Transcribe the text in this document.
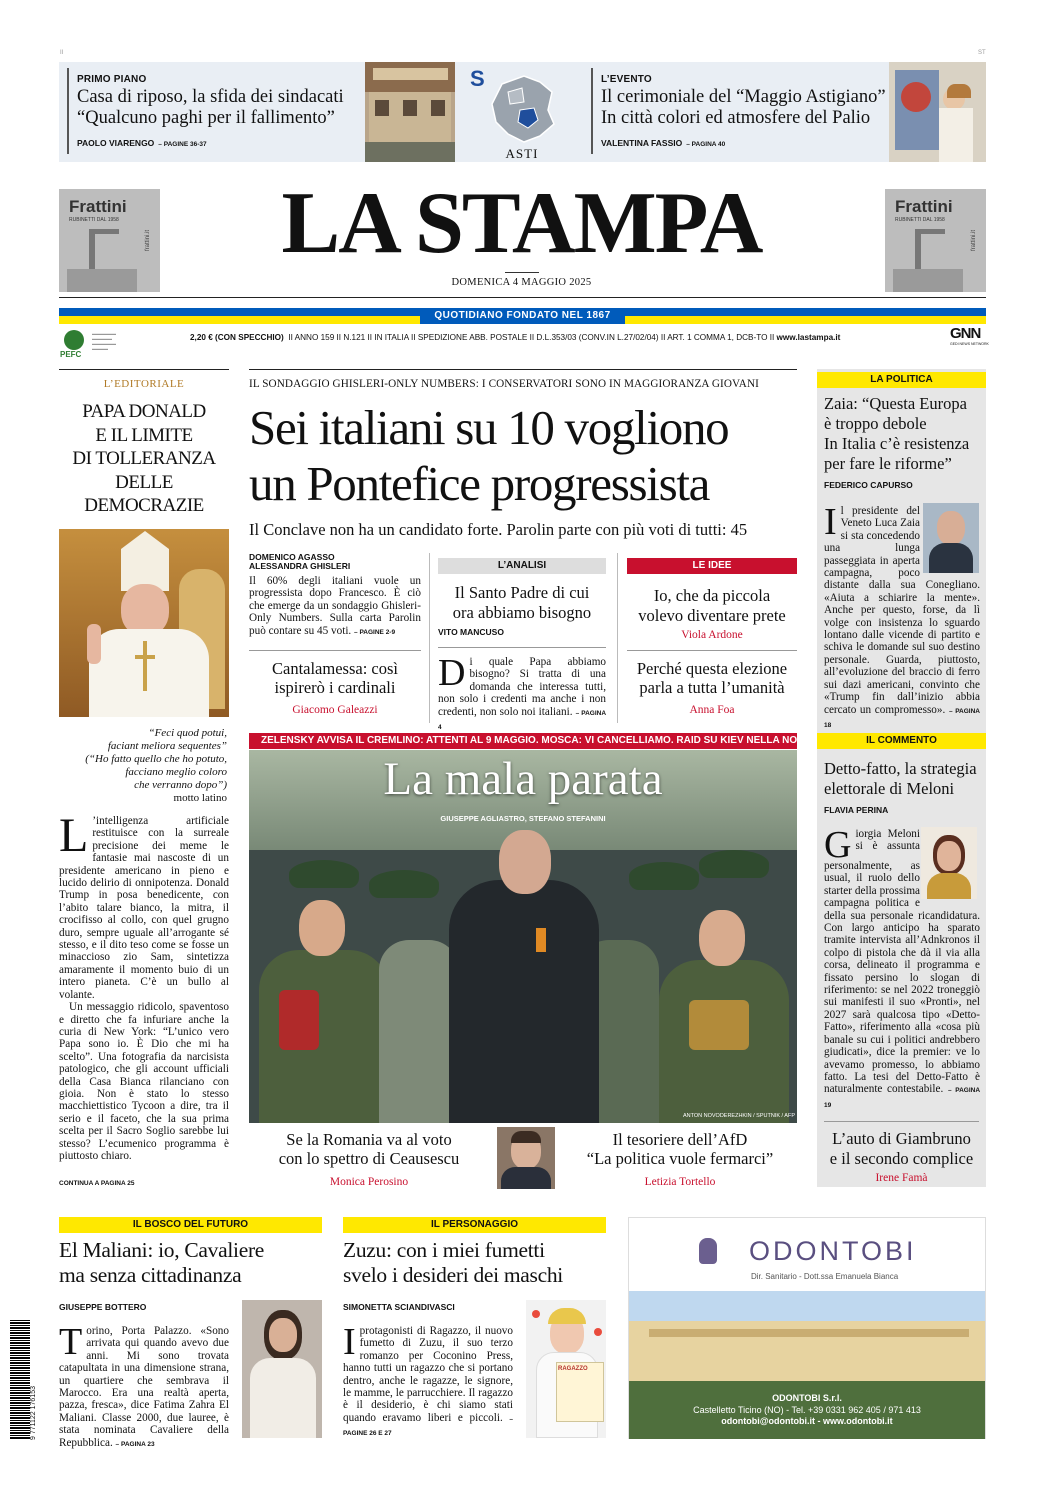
II	ST
PRIMO PIANO
Casa di riposo, la sfida dei sindacati
“Qualcuno paghi per il fallimento”
PAOLO VIARENGO – PAGINE 36-37
S
ASTI
L’EVENTO
Il cerimoniale del “Maggio Astigiano”
In città colori ed atmosfere del Palio
VALENTINA FASSIO – PAGINA 40
Frattini
RUBINETTI DAL 1958
frattini.it	LA STAMPA
DOMENICA 4 MAGGIO 2025
Frattini
RUBINETTI DAL 1958
frattini.it
QUOTIDIANO FONDATO NEL 1867
PEFC
▬▬▬▬▬▬
▬▬▬▬▬
▬▬▬▬▬▬
▬▬▬▬
2,20 € (CON SPECCHIO) II ANNO 159 II N.121 II IN ITALIA II SPEDIZIONE ABB. POSTALE II D.L.353/03 (CONV.IN L.27/02/04) II ART. 1 COMMA 1, DCB-TO II www.lastampa.it	GNN
GEDI NEWS NETWORK
L’EDITORIALE
PAPA DONALD
E IL LIMITE
DI TOLLERANZA
DELLE DEMOCRAZIE
“Feci quod potui,
faciant meliora sequentes”
(“Ho fatto quello che ho potuto,
facciano meglio coloro
che verranno dopo”)
motto latino
L ’intelligenza artificiale restituisce con la surreale precisione dei meme le fantasie mai nascoste di un presidente americano in pieno e lucido delirio di onnipotenza. Donald Trump in posa benedicente, con l’abito talare bianco, la mitra, il crocifisso al collo, con quel grugno duro, sempre uguale all’arrogante sé stesso, e il dito teso come se fosse un minaccioso zio Sam, sintetizza amaramente il momento buio di un intero pianeta. C’è un bullo al volante.
Un messaggio ridicolo, spaventoso e diretto che fa infuriare anche la curia di New York: “L’unico vero Papa sono io. È Dio che mi ha scelto”. Una fotografia da narcisista patologico, che gli account ufficiali della Casa Bianca rilanciano con gioia. Non è stato lo stesso macchiettistico Tycoon a dire, tra il serio e il faceto, che la sua prima scelta per il Sacro Soglio sarebbe lui stesso? L’ecumenico programma è piuttosto chiaro.
CONTINUA A PAGINA 25
IL SONDAGGIO GHISLERI-ONLY NUMBERS: I CONSERVATORI SONO IN MAGGIORANZA GIOVANI
Sei italiani su 10 vogliono
un Pontefice progressista
Il Conclave non ha un candidato forte. Parolin parte con più voti di tutti: 45
DOMENICO AGASSO
ALESSANDRA GHISLERI
Il 60% degli italiani vuole un progressista dopo Francesco. È ciò che emerge da un sondaggio Ghisleri-Only Numbers. Sulla carta Parolin può contare su 45 voti. – PAGINE 2-9
Cantalamessa: così
ispirerò i cardinali
Giacomo Galeazzi
L’ANALISI
Il Santo Padre di cui
ora abbiamo bisogno
VITO MANCUSO
Di quale Papa abbiamo bisogno? Si tratta di una domanda che interessa tutti, non solo i credenti ma anche i non credenti, non solo noi italiani. – PAGINA 4
LE IDEE
Io, che da piccola
volevo diventare prete
Viola Ardone
Perché questa elezione
parla a tutta l’umanità
Anna Foa
ZELENSKY AVVISA IL CREMLINO: ATTENTI AL 9 MAGGIO. MOSCA: VI CANCELLIAMO. RAID SU KIEV NELLA NOTTE
La mala parata
GIUSEPPE AGLIASTRO, STEFANO STEFANINI
ANTON NOVODEREZHKIN / SPUTNIK / AFP
Se la Romania va al voto
con lo spettro di Ceausescu
Monica Perosino
Il tesoriere dell’AfD
“La politica vuole fermarci”
Letizia Tortello
LA POLITICA
Zaia: “Questa Europa
è troppo debole
In Italia c’è resistenza
per fare le riforme”
FEDERICO CAPURSO
Il presidente del Veneto Luca Zaia si sta concedendo una lunga passeggiata in aperta campagna, poco distante dalla sua Conegliano. «Aiuta a schiarire la mente». Anche per questo, forse, da lì volge con insistenza lo sguardo lontano dalle vicende di partito e schiva le domande sul suo destino personale. Guarda, piuttosto, all’evoluzione del braccio di ferro sui dazi americani, convinto che «Trump fin dall’inizio abbia cercato un compromesso». – PAGINA 18
IL COMMENTO
Detto-fatto, la strategia
elettorale di Meloni
FLAVIA PERINA
Giorgia Meloni si è assunta personalmente, as usual, il ruolo dello starter della prossima campagna politica e della sua personale ricandidatura. Con largo anticipo ha sparato tramite intervista all’Adnkronos il colpo di pistola che dà il via alla corsa, delineato il programma e fissato persino lo slogan di riferimento: se nel 2022 troneggiò sui manifesti il suo «Pronti», nel 2027 sarà qualcosa tipo «Detto-Fatto», riferimento alla «cosa più banale su cui i politici andrebbero giudicati», dice la premier: ve lo avevamo promesso, lo abbiamo fatto. La tesi del Detto-Fatto è naturalmente contestabile. – PAGINA 19
L’auto di Giambruno
e il secondo complice
Irene Famà
IL BOSCO DEL FUTURO
El Maliani: io, Cavaliere
ma senza cittadinanza
GIUSEPPE BOTTERO
Torino, Porta Palazzo. «Sono arrivata qui quando avevo due anni. Mi sono trovata catapultata in una dimensione strana, un quartiere che sembrava il Marocco. Era una realtà aperta, pazza, fresca», dice Fatima Zahra El Maliani. Classe 2000, due lauree, è stata nominata Cavaliere della Repubblica. – PAGINA 23
IL PERSONAGGIO
Zuzu: con i miei fumetti
svelo i desideri dei maschi
SIMONETTA SCIANDIVASCI
I protagonisti di Ragazzo, il nuovo fumetto di Zuzu, il suo terzo romanzo per Coconino Press, hanno tutti un ragazzo che si portano dentro, anche le ragazze, le signore, le mamme, le parrucchiere. Il ragazzo è il desiderio, è chi siamo stati quando eravamo liberi e piccoli. – PAGINE 26 E 27
RAGAZZO
ODONTOBI
Dir. Sanitario - Dott.ssa Emanuela Bianca
ODONTOBI S.r.l.
Castelletto Ticino (NO) - Tel. +39 0331 962 405 / 971 413
odontobi@odontobi.it - www.odontobi.it
9 771122 176153
